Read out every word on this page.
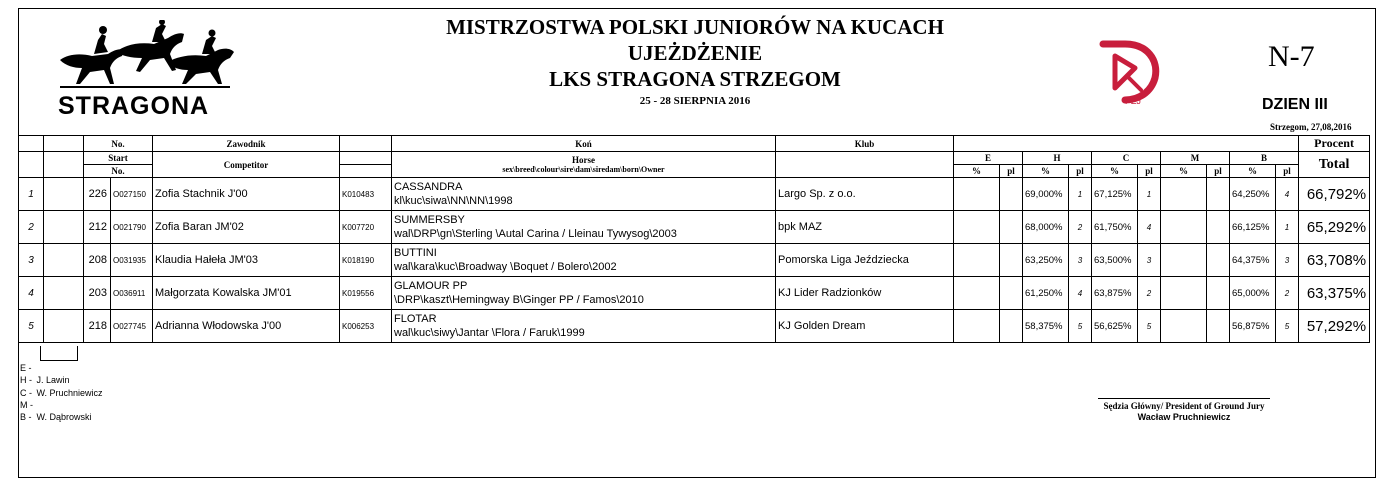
STRAGONA
MISTRZOSTWA POLSKI JUNIORÓW NA KUCACH
UJEŻDŻENIE
LKS STRAGONA STRZEGOM
25 - 28 SIERPNIA 2016	PZJ
N-7
DZIEN III
Strzegom, 27,08,2016
		No.		Zawodnik		Koń	Klub											Procent
		Start		Competitor		Horse
sex\breed\colour\sire\dam\siredam\born\Owner		E		H		C		M		B		Total
		No.						%	pl	%	pl	%	pl	%	pl	%	pl	
1		226	O027150	Zofia Stachnik J'00	K010483	CASSANDRA
kl\kuc\siwa\NN\NN\1998	Largo Sp. z o.o.			69,000%	1	67,125%	1			64,250%	4	66,792%
2		212	O021790	Zofia Baran JM'02	K007720	SUMMERSBY
wal\DRP\gn\Sterling \Autal Carina / Lleinau Tywysog\2003	bpk MAZ			68,000%	2	61,750%	4			66,125%	1	65,292%
3		208	O031935	Klaudia Hałeła JM'03	K018190	BUTTINI
wal\kara\kuc\Broadway \Boquet / Bolero\2002	Pomorska Liga Jeździecka			63,250%	3	63,500%	3			64,375%	3	63,708%
4		203	O036911	Małgorzata Kowalska JM'01	K019556	GLAMOUR PP
\DRP\kaszt\Hemingway B\Ginger PP / Famos\2010	KJ Lider Radzionków			61,250%	4	63,875%	2			65,000%	2	63,375%
5		218	O027745	Adrianna Włodowska J'00	K006253	FLOTAR
wal\kuc\siwy\Jantar \Flora / Faruk\1999	KJ Golden Dream			58,375%	5	56,625%	5			56,875%	5	57,292%
E -
H - J. Lawin
C - W. Pruchniewicz
M -
B - W. Dąbrowski
Sędzia Główny/ President of Ground Jury
Wacław Pruchniewicz
